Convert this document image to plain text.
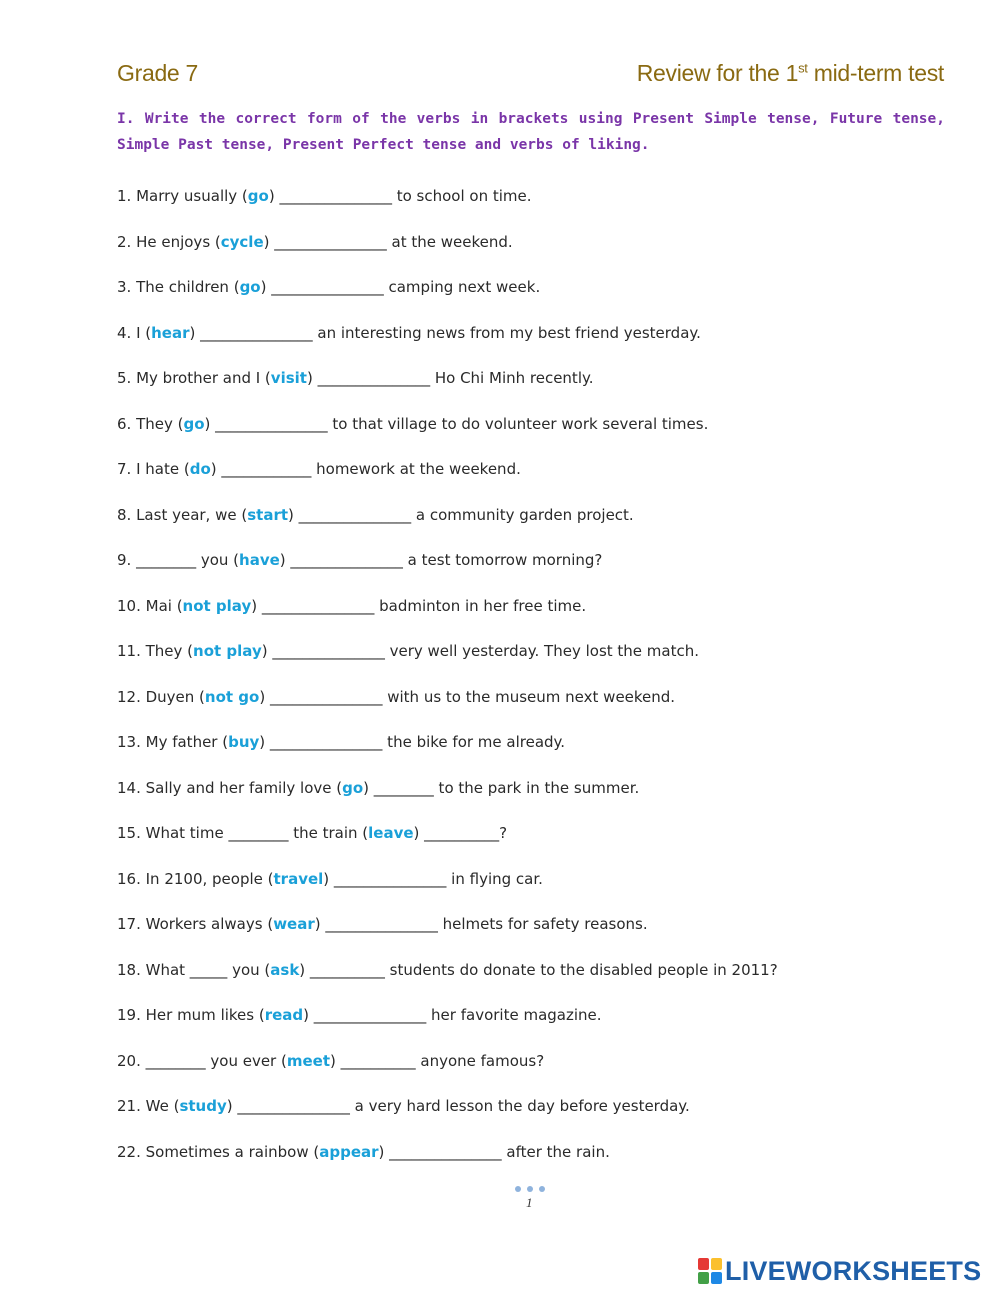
Grade 7	Review for the 1st mid-term test
I. Write the correct form of the verbs in brackets using Present Simple tense, Future tense, Simple Past tense, Present Perfect tense and verbs of liking.
1. Marry usually (go) _______________ to school on time.
2. He enjoys (cycle) _______________ at the weekend.
3. The children (go) _______________ camping next week.
4. I (hear) _______________ an interesting news from my best friend yesterday.
5. My brother and I (visit) _______________ Ho Chi Minh recently.
6. They (go) _______________ to that village to do volunteer work several times.
7. I hate (do) ____________ homework at the weekend.
8. Last year, we (start) _______________ a community garden project.
9. ________ you (have) _______________ a test tomorrow morning?
10. Mai (not play) _______________ badminton in her free time.
11. They (not play) _______________ very well yesterday. They lost the match.
12. Duyen (not go) _______________ with us to the museum next weekend.
13. My father (buy) _______________ the bike for me already.
14. Sally and her family love (go) ________ to the park in the summer.
15. What time ________ the train (leave) __________?
16. In 2100, people (travel) _______________ in flying car.
17. Workers always (wear) _______________ helmets for safety reasons.
18. What _____ you (ask) __________ students do donate to the disabled people in 2011?
19. Her mum likes (read) _______________ her favorite magazine.
20. ________ you ever (meet) __________ anyone famous?
21. We (study) _______________ a very hard lesson the day before yesterday.
22. Sometimes a rainbow (appear) _______________ after the rain.
1
LIVEWORKSHEETS
